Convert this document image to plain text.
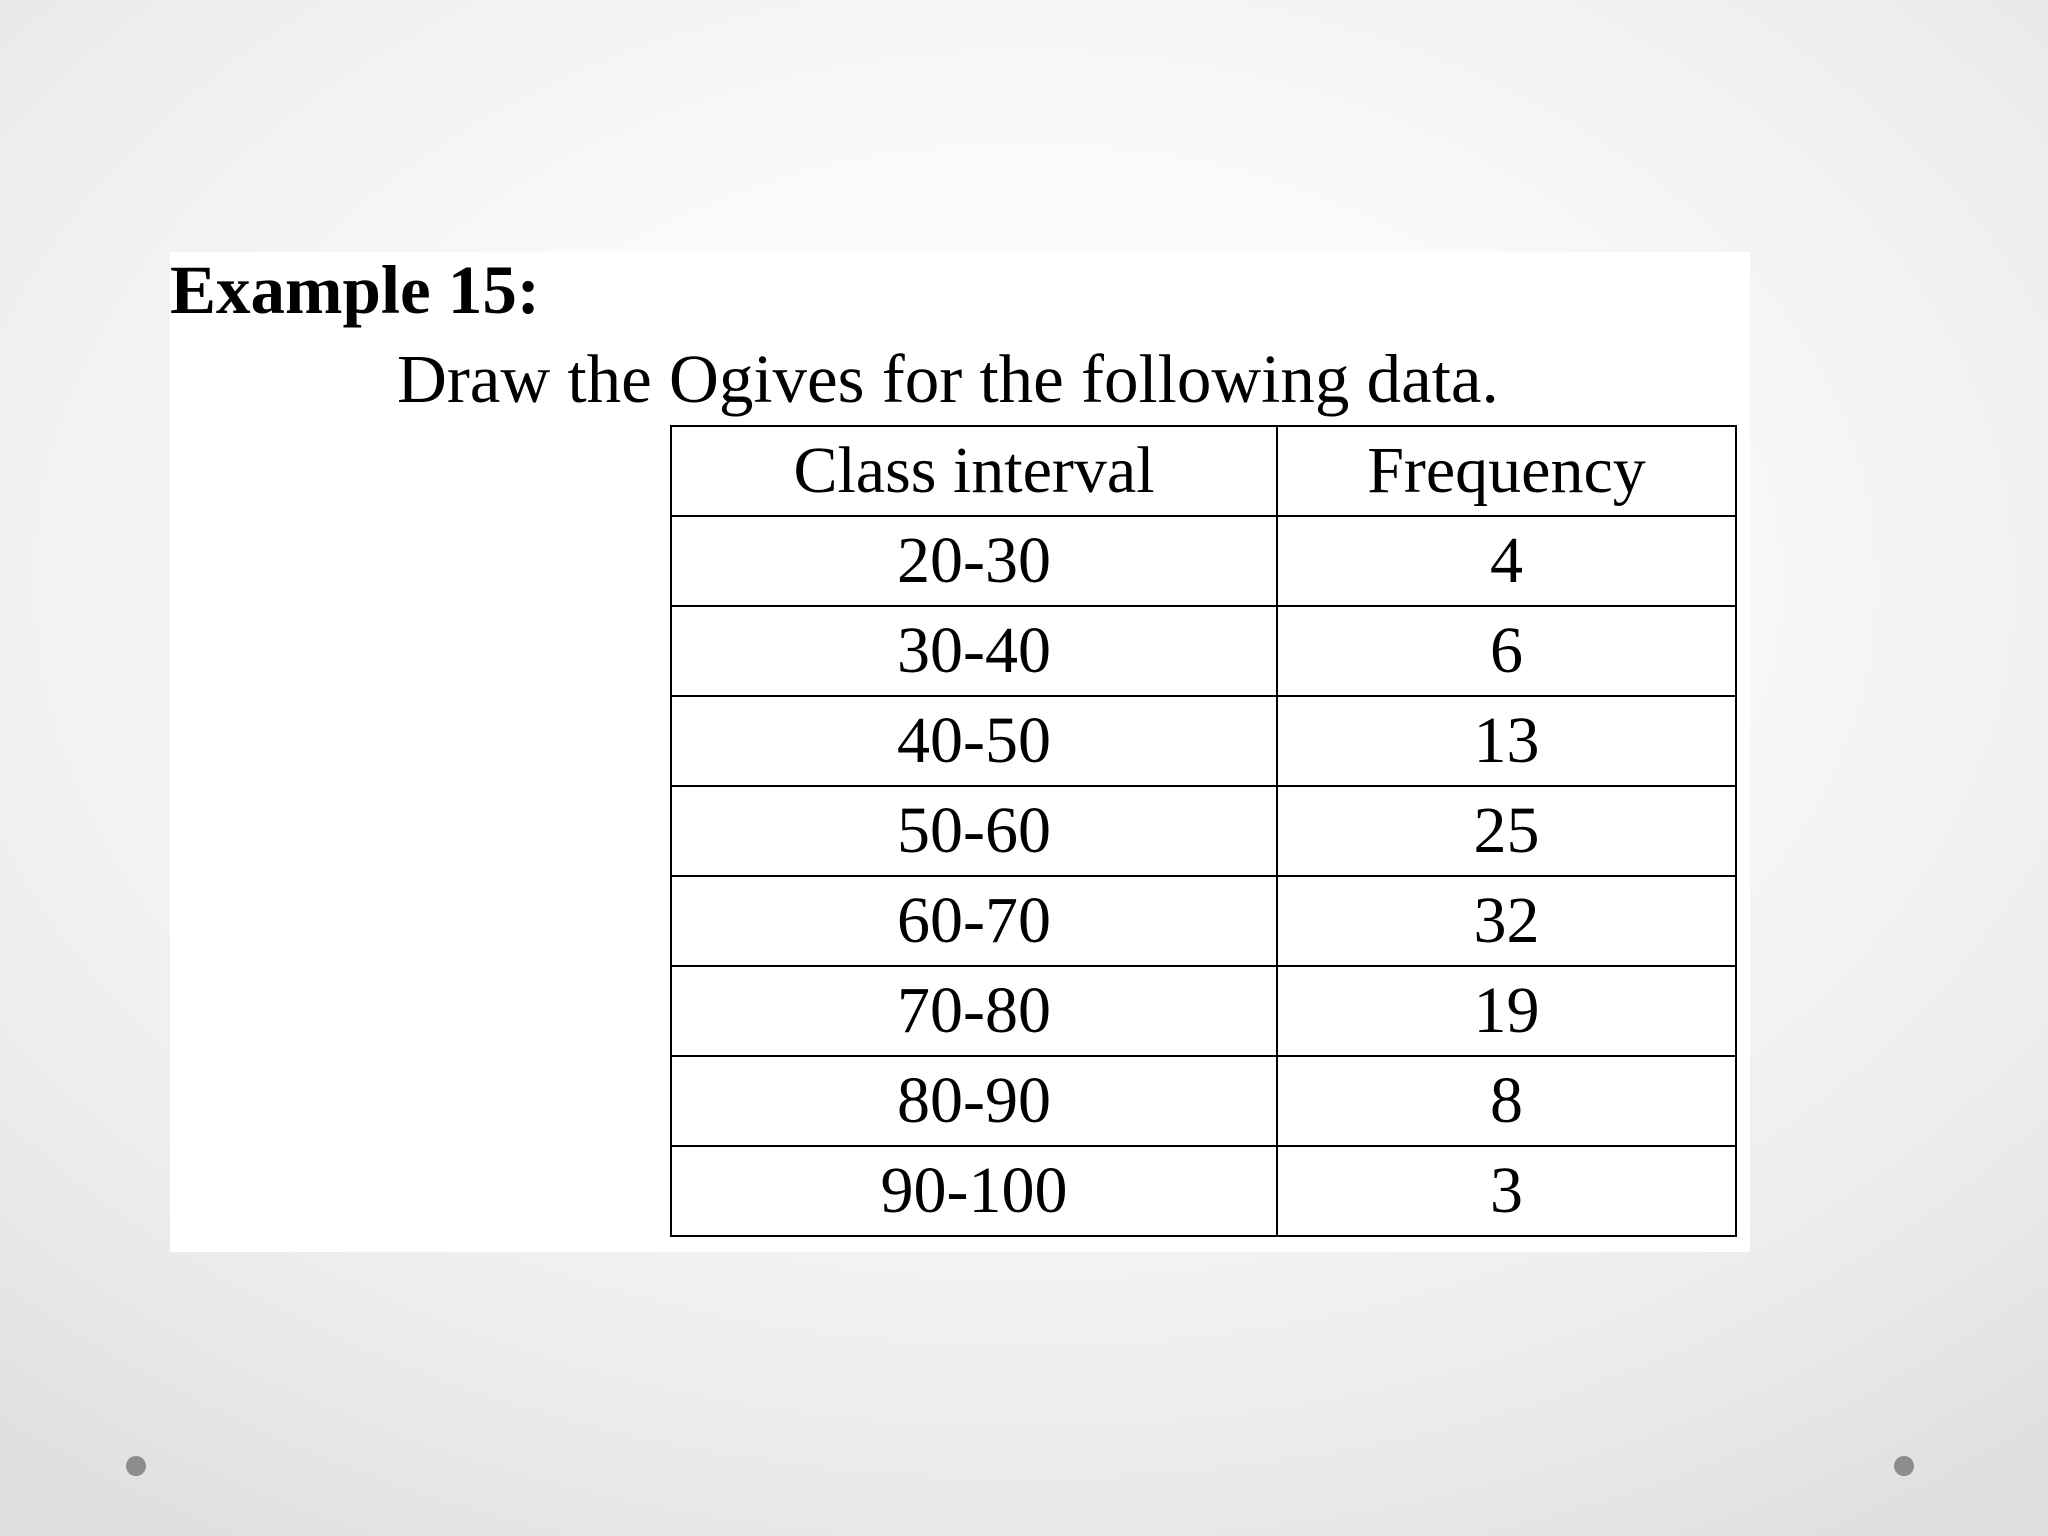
Example 15:
Draw the Ogives for the following data.
Class interval	Frequency
20-30	4
30-40	6
40-50	13
50-60	25
60-70	32
70-80	19
80-90	8
90-100	3
